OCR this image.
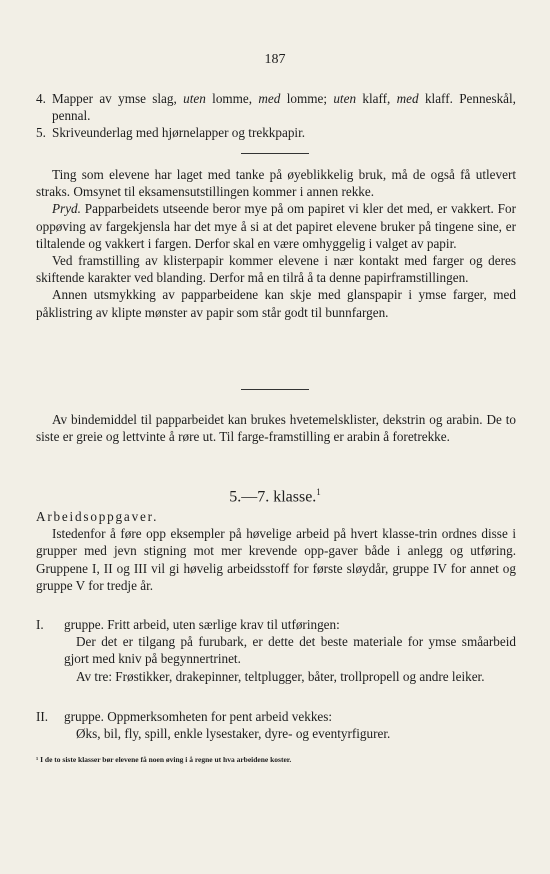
187
4. Mapper av ymse slag, uten lomme, med lomme; uten klaff, med klaff. Penneskål, pennal.
5. Skriveunderlag med hjørnelapper og trekkpapir.

Ting som elevene har laget med tanke på øyeblikkelig bruk, må de også få utlevert straks. Omsynet til eksamensutstillingen kommer i annen rekke.

Pryd. Papparbeidets utseende beror mye på om papiret vi kler det med, er vakkert. For oppøving av fargekjensla har det mye å si at det papiret elevene bruker på tingene sine, er tiltalende og vakkert i fargen. Derfor skal en være omhyggelig i valget av papir.

Ved framstilling av klisterpapir kommer elevene i nær kontakt med farger og deres skiftende karakter ved blanding. Derfor må en tilrå å ta denne papirframstillingen.

Annen utsmykking av papparbeidene kan skje med glanspapir i ymse farger, med påklistring av klipte mønster av papir som står godt til bunnfargen.

Av bindemiddel til papparbeidet kan brukes hvetemelsklister, dekstrin og arabin. De to siste er greie og lettvinte å røre ut. Til farge-framstilling er arabin å foretrekke.

5.—7. klasse.$^1$

Arbeidsoppgaver.

Istedenfor å føre opp eksempler på høvelige arbeid på hvert klasse-trin ordnes disse i grupper med jevn stigning mot mer krevende opp-gaver både i anlegg og utføring. Gruppene I, II og III vil gi høvelig arbeidsstoff for første sløydår, gruppe IV for annet og gruppe V for tredje år.

I.	gruppe. Fritt arbeid, uten særlige krav til utføringen:

Der det er tilgang på furubark, er dette det beste materiale for ymse småarbeid gjort med kniv på begynnertrinet.

Av tre: Frøstikker, drakepinner, teltplugger, båter, trollpropell og andre leiker.

II.	gruppe. Oppmerksomheten for pent arbeid vekkes:

Øks, bil, fly, spill, enkle lysestaker, dyre- og eventyrfigurer.

¹ I de to siste klasser bør elevene få noen øving i å regne ut hva arbeidene koster.
